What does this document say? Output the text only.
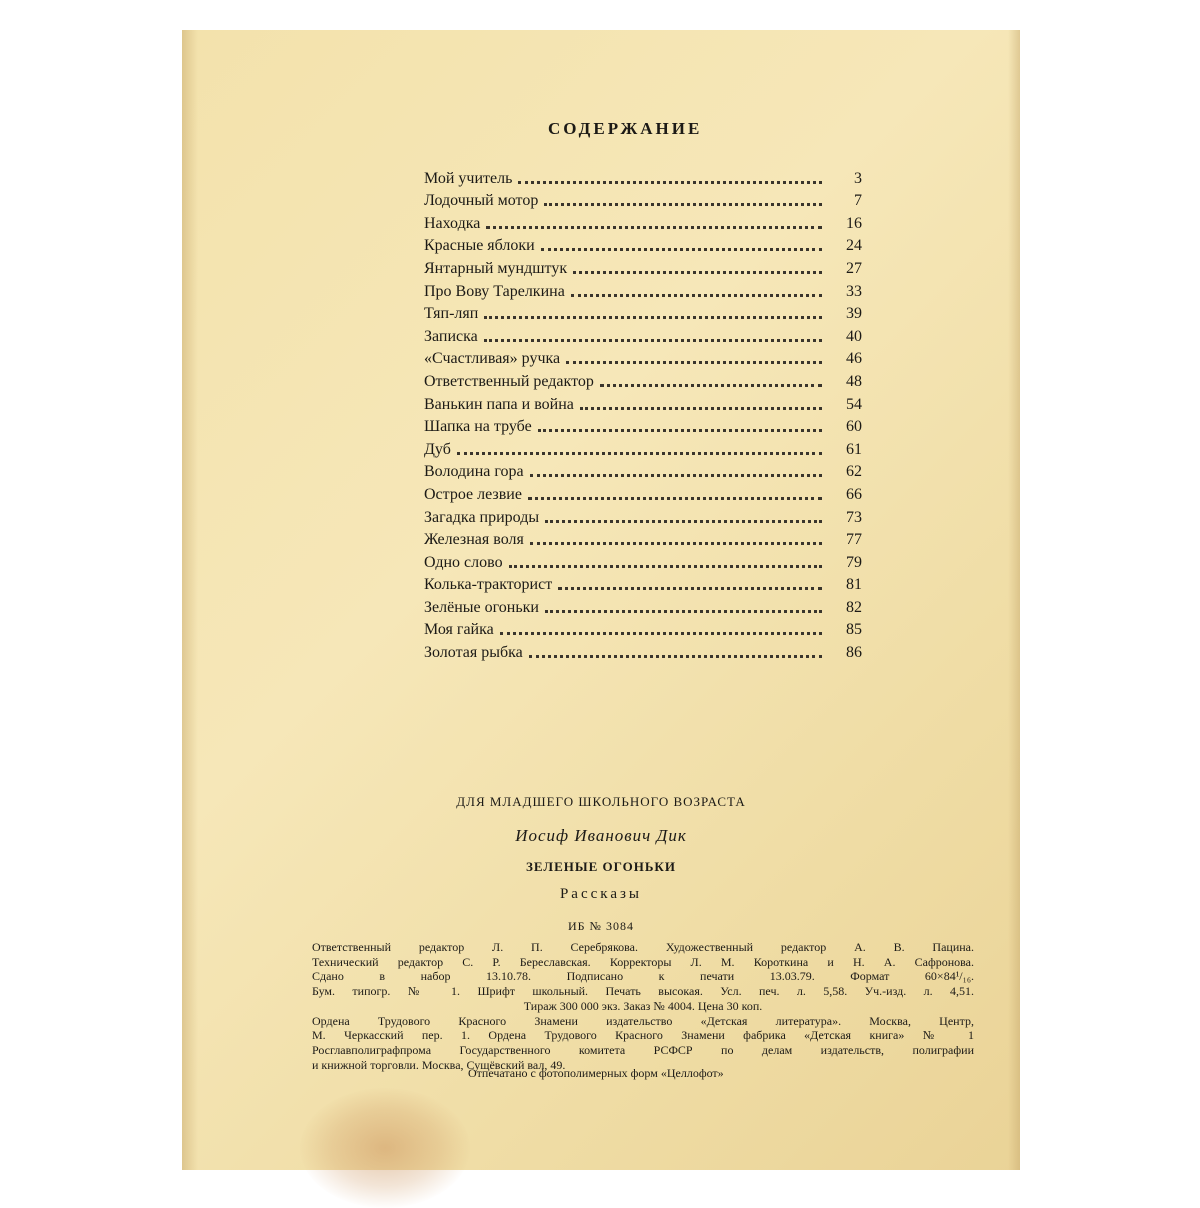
СОДЕРЖАНИЕ
Мой учитель	3
Лодочный мотор	7
Находка	16
Красные яблоки	24
Янтарный мундштук	27
Про Вову Тарелкина	33
Тяп-ляп	39
Записка	40
«Счастливая» ручка	46
Ответственный редактор	48
Ванькин папа и война	54
Шапка на трубе	60
Дуб	61
Володина гора	62
Острое лезвие	66
Загадка природы	73
Железная воля	77
Одно слово	79
Колька-тракторист	81
Зелёные огоньки	82
Моя гайка	85
Золотая рыбка	86
ДЛЯ МЛАДШЕГО ШКОЛЬНОГО ВОЗРАСТА
Иосиф Иванович Дик
ЗЕЛЕНЫЕ ОГОНЬКИ
Рассказы
ИБ № 3084
Ответственный редактор Л. П. Серебрякова. Художественный редактор А. В. Пацина.
Технический редактор С. Р. Береславская. Корректоры Л. М. Короткина и Н. А. Сафронова.
Сдано в набор 13.10.78. Подписано к печати 13.03.79. Формат 60×84¹/₁₆.
Бум. типогр. № 1. Шрифт школьный. Печать высокая. Усл. печ. л. 5,58. Уч.-изд. л. 4,51.
Тираж 300 000 экз. Заказ № 4004. Цена 30 коп.
Ордена Трудового Красного Знамени издательство «Детская литература». Москва, Центр,
М. Черкасский пер. 1. Ордена Трудового Красного Знамени фабрика «Детская книга» № 1
Росглавполиграфпрома Государственного комитета РСФСР по делам издательств, полиграфии
и книжной торговли. Москва, Сущёвский вал, 49.
Отпечатано с фотополимерных форм «Целлофот»
